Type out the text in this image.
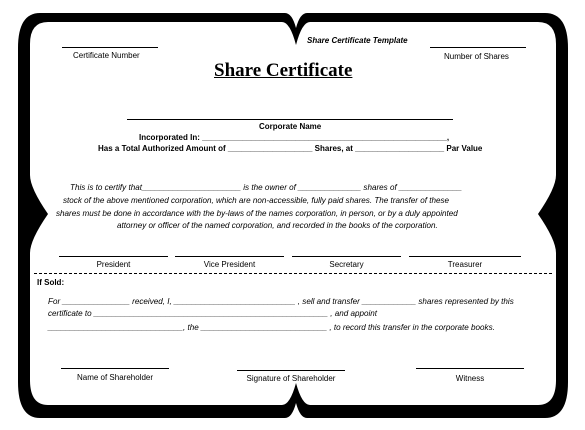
Share Certificate Template
Certificate Number	Number of Shares
Share Certificate
Corporate Name
Incorporated In: _______________________________________________________,
Has a Total Authorized Amount of ___________________ Shares, at ____________________ Par Value
This is to certify that______________________ is the owner of ______________ shares of ______________
stock of the above mentioned corporation, which are non-accessible, fully paid shares. The transfer of these
shares must be done in accordance with the by-laws of the names corporation, in person, or by a duly appointed
attorney or officer of the named corporation, and recorded in the books of the corporation.
President	Vice President	Secretary	Treasurer
If Sold:
For _______________ received, I, ___________________________ , sell and transfer ____________ shares represented by this
certificate to ____________________________________________________ , and appoint
______________________________, the ____________________________ , to record this transfer in the corporate books.
Name of Shareholder	Signature of Shareholder	Witness
